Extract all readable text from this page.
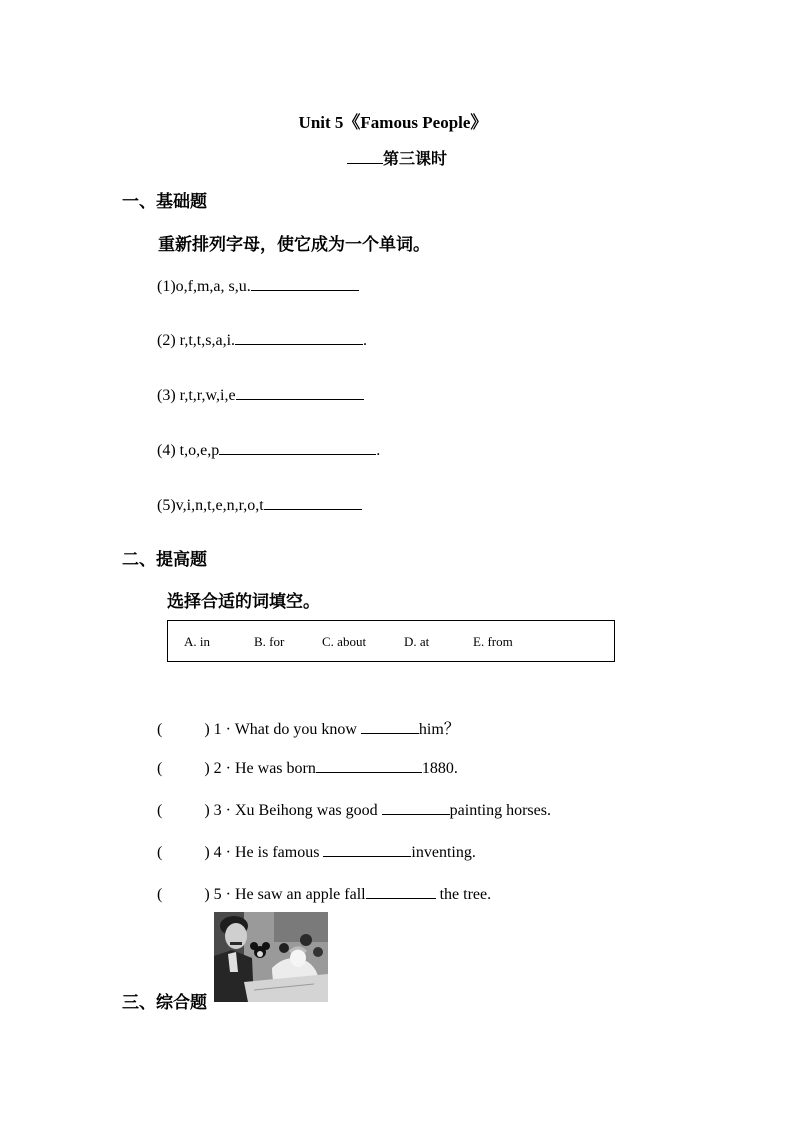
Unit 5《Famous People》
第三课时
一、基础题
重新排列字母，使它成为一个单词。
(1)o,f,m,a, s,u.
(2) r,t,t,s,a,i.	.
(3) r,t,r,w,i,e
(4) t,o,e,p	.
(5)v,i,n,t,e,n,r,o,t
二、提高题
选择合适的词填空。
A. in	B. for	C. about	D. at	E. from
(	) 1 · What do you know	him？
(	) 2 · He was born	1880.
(	) 3 · Xu Beihong was good	painting horses.
(	) 4 · He is famous	inventing.
(	) 5 · He saw an apple fall	the tree.
三、综合题
